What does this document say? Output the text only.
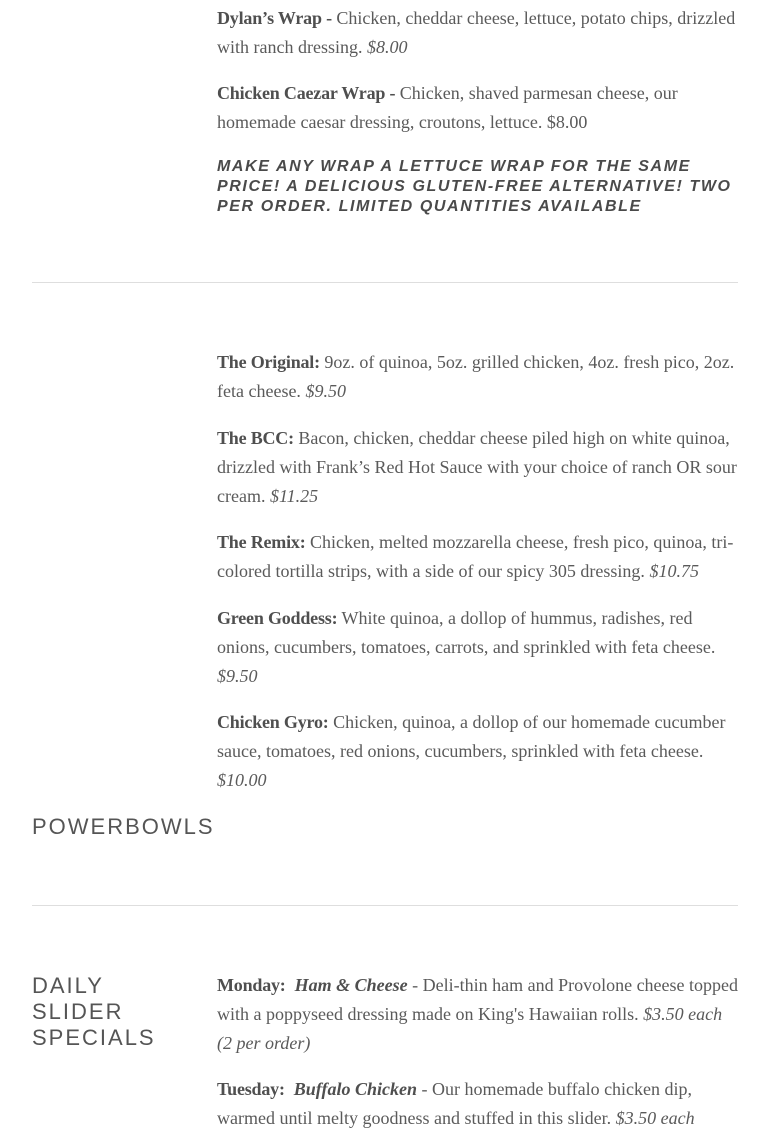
Dylan’s Wrap - Chicken, cheddar cheese, lettuce, potato chips, drizzled with ranch dressing. $8.00

Chicken Caezar Wrap - Chicken, shaved parmesan cheese, our homemade caesar dressing, croutons, lettuce. $8.00

MAKE ANY WRAP A LETTUCE WRAP FOR THE SAME PRICE! A DELICIOUS GLUTEN-FREE ALTERNATIVE! TWO PER ORDER. LIMITED QUANTITIES AVAILABLE

The Original: 9oz. of quinoa, 5oz. grilled chicken, 4oz. fresh pico, 2oz. feta cheese. $9.50

The BCC: Bacon, chicken, cheddar cheese piled high on white quinoa, drizzled with Frank’s Red Hot Sauce with your choice of ranch OR sour cream. $11.25

The Remix: Chicken, melted mozzarella cheese, fresh pico, quinoa, tri-colored tortilla strips, with a side of our spicy 305 dressing. $10.75

Green Goddess: White quinoa, a dollop of hummus, radishes, red onions, cucumbers, tomatoes, carrots, and sprinkled with feta cheese. $9.50

Chicken Gyro: Chicken, quinoa, a dollop of our homemade cucumber sauce, tomatoes, red onions, cucumbers, sprinkled with feta cheese. $10.00

POWERBOWLS
DAILY
SLIDER
SPECIALS

Monday: Ham & Cheese - Deli-thin ham and Provolone cheese topped with a poppyseed dressing made on King's Hawaiian rolls. $3.50 each (2 per order)

Tuesday: Buffalo Chicken - Our homemade buffalo chicken dip, warmed until melty goodness and stuffed in this slider. $3.50 each
